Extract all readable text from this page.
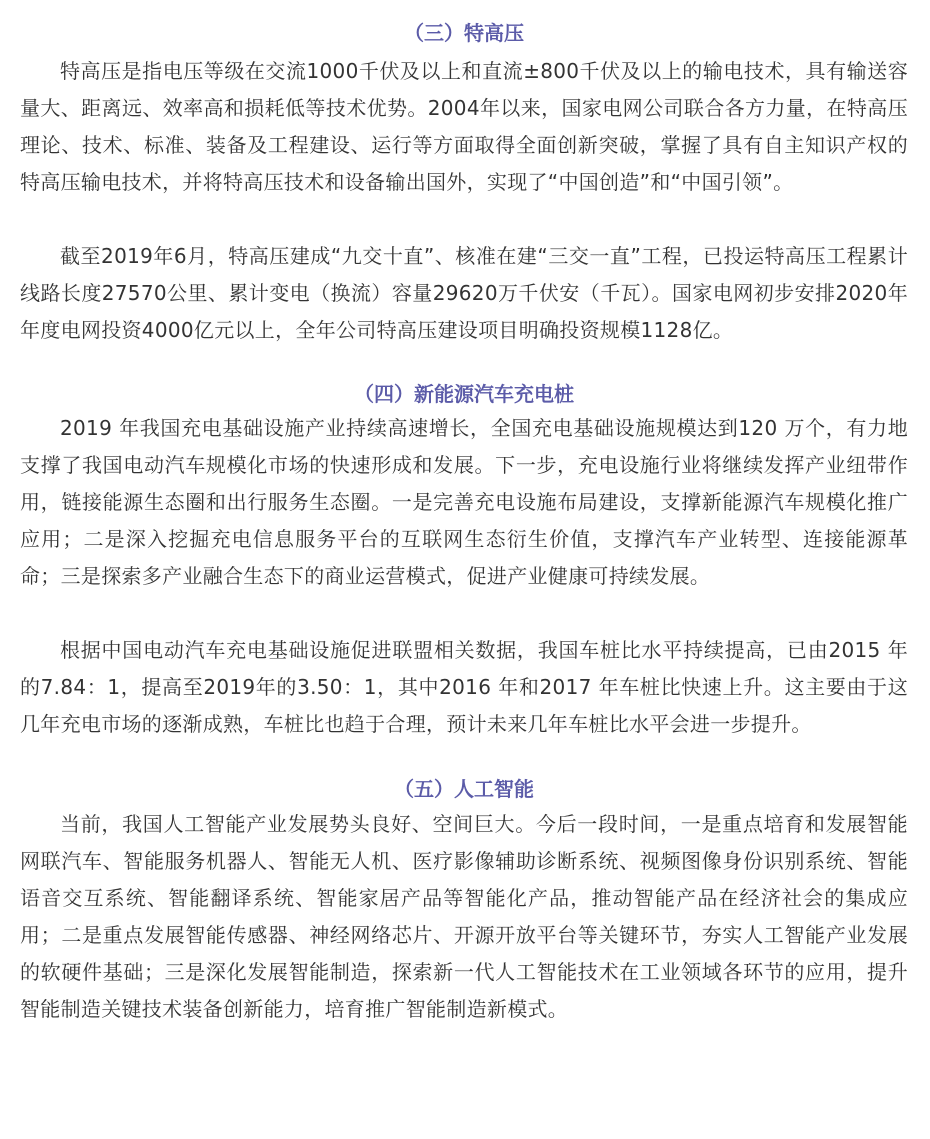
（三）特高压

特高压是指电压等级在交流1000千伏及以上和直流±800千伏及以上的输电技术，具有输送容量大、距离远、效率高和损耗低等技术优势。2004年以来，国家电网公司联合各方力量，在特高压理论、技术、标准、装备及工程建设、运行等方面取得全面创新突破，掌握了具有自主知识产权的特高压输电技术，并将特高压技术和设备输出国外，实现了“中国创造”和“中国引领”。

截至2019年6月，特高压建成“九交十直”、核准在建“三交一直”工程，已投运特高压工程累计线路长度27570公里、累计变电（换流）容量29620万千伏安（千瓦）。国家电网初步安排2020年年度电网投资4000亿元以上，全年公司特高压建设项目明确投资规模1128亿。

（四）新能源汽车充电桩

2019 年我国充电基础设施产业持续高速增长，全国充电基础设施规模达到120 万个，有力地支撑了我国电动汽车规模化市场的快速形成和发展。下一步，充电设施行业将继续发挥产业纽带作用，链接能源生态圈和出行服务生态圈。一是完善充电设施布局建设，支撑新能源汽车规模化推广应用；二是深入挖掘充电信息服务平台的互联网生态衍生价值，支撑汽车产业转型、连接能源革命；三是探索多产业融合生态下的商业运营模式，促进产业健康可持续发展。

根据中国电动汽车充电基础设施促进联盟相关数据，我国车桩比水平持续提高，已由2015 年的7.84：1，提高至2019年的3.50：1，其中2016 年和2017 年车桩比快速上升。这主要由于这几年充电市场的逐渐成熟，车桩比也趋于合理，预计未来几年车桩比水平会进一步提升。

（五）人工智能

当前，我国人工智能产业发展势头良好、空间巨大。今后一段时间，一是重点培育和发展智能网联汽车、智能服务机器人、智能无人机、医疗影像辅助诊断系统、视频图像身份识别系统、智能语音交互系统、智能翻译系统、智能家居产品等智能化产品，推动智能产品在经济社会的集成应用；二是重点发展智能传感器、神经网络芯片、开源开放平台等关键环节，夯实人工智能产业发展的软硬件基础；三是深化发展智能制造，探索新一代人工智能技术在工业领域各环节的应用，提升智能制造关键技术装备创新能力，培育推广智能制造新模式。
